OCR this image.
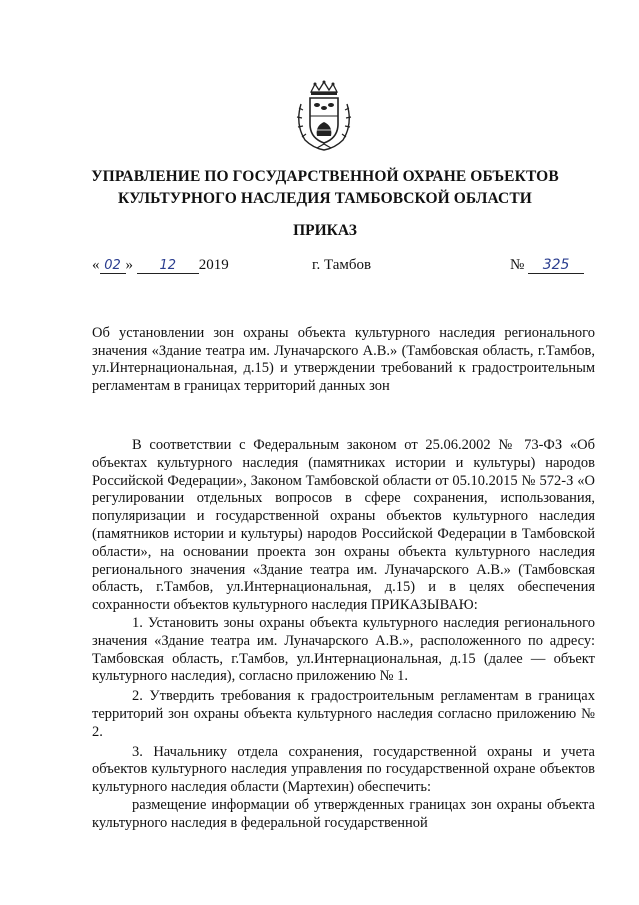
УПРАВЛЕНИЕ ПО ГОСУДАРСТВЕННОЙ ОХРАНЕ ОБЪЕКТОВ
КУЛЬТУРНОГО НАСЛЕДИЯ ТАМБОВСКОЙ ОБЛАСТИ
ПРИКАЗ
« 02 » 12 2019	г. Тамбов	№ 325
Об установлении зон охраны объекта культурного наследия регионального значения «Здание театра им. Луначарского А.В.» (Тамбовская область, г.Тамбов, ул.Интернациональная, д.15) и утверждении требований к градостроительным регламентам в границах территорий данных зон

В соответствии с Федеральным законом от 25.06.2002 № 73-ФЗ «Об объектах культурного наследия (памятниках истории и культуры) народов Российской Федерации», Законом Тамбовской области от 05.10.2015 № 572-З «О регулировании отдельных вопросов в сфере сохранения, использования, популяризации и государственной охраны объектов культурного наследия (памятников истории и культуры) народов Российской Федерации в Тамбовской области», на основании проекта зон охраны объекта культурного наследия регионального значения «Здание театра им. Луначарского А.В.» (Тамбовская область, г.Тамбов, ул.Интернациональная, д.15) и в целях обеспечения сохранности объектов культурного наследия ПРИКАЗЫВАЮ:

1. Установить зоны охраны объекта культурного наследия регионального значения «Здание театра им. Луначарского А.В.», расположенного по адресу: Тамбовская область, г.Тамбов, ул.Интернациональная, д.15 (далее — объект культурного наследия), согласно приложению № 1.

2. Утвердить требования к градостроительным регламентам в границах территорий зон охраны объекта культурного наследия согласно приложению № 2.

3. Начальнику отдела сохранения, государственной охраны и учета объектов культурного наследия управления по государственной охране объектов культурного наследия области (Мартехин) обеспечить:

размещение информации об утвержденных границах зон охраны объекта культурного наследия в федеральной государственной
